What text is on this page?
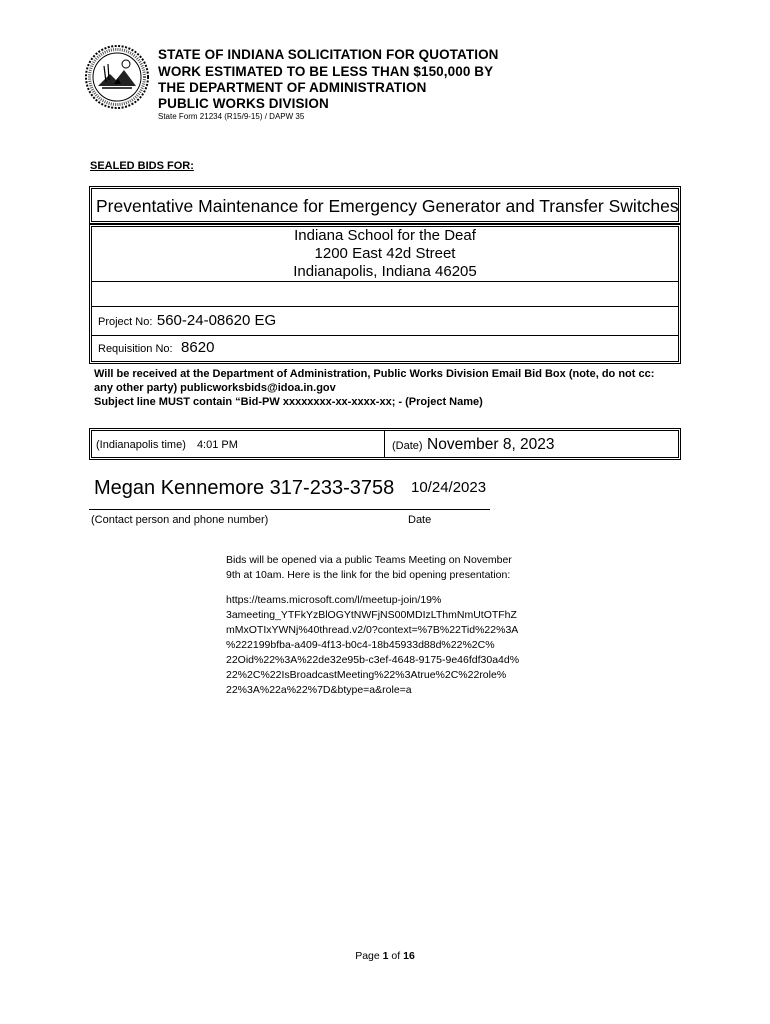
STATE OF INDIANA SOLICITATION FOR QUOTATION
WORK ESTIMATED TO BE LESS THAN $150,000 BY
THE DEPARTMENT OF ADMINISTRATION
PUBLIC WORKS DIVISION
State Form 21234 (R15/9-15) / DAPW 35
SEALED BIDS FOR:
Preventative Maintenance for Emergency Generator and Transfer Switches
Indiana School for the Deaf
1200 East 42d Street
Indianapolis, Indiana 46205
Project No: 560-24-08620 EG
Requisition No: 8620
Will be received at the Department of Administration, Public Works Division Email Bid Box (note, do not cc:
any other party) publicworksbids@idoa.in.gov
Subject line MUST contain “Bid-PW xxxxxxxx-xx-xxxx-xx; - (Project Name)
(Indianapolis time) 4:01 PM	(Date) November 8, 2023
Megan Kennemore 317-233-3758 10/24/2023
(Contact person and phone number)	Date
Bids will be opened via a public Teams Meeting on November
9th at 10am. Here is the link for the bid opening presentation:
https://teams.microsoft.com/l/meetup-join/19%
3ameeting_YTFkYzBlOGYtNWFjNS00MDIzLThmNmUtOTFhZ
mMxOTIxYWNj%40thread.v2/0?context=%7B%22Tid%22%3A
%222199bfba-a409-4f13-b0c4-18b45933d88d%22%2C%
22Oid%22%3A%22de32e95b-c3ef-4648-9175-9e46fdf30a4d%
22%2C%22IsBroadcastMeeting%22%3Atrue%2C%22role%
22%3A%22a%22%7D&btype=a&role=a
Page 1 of 16
